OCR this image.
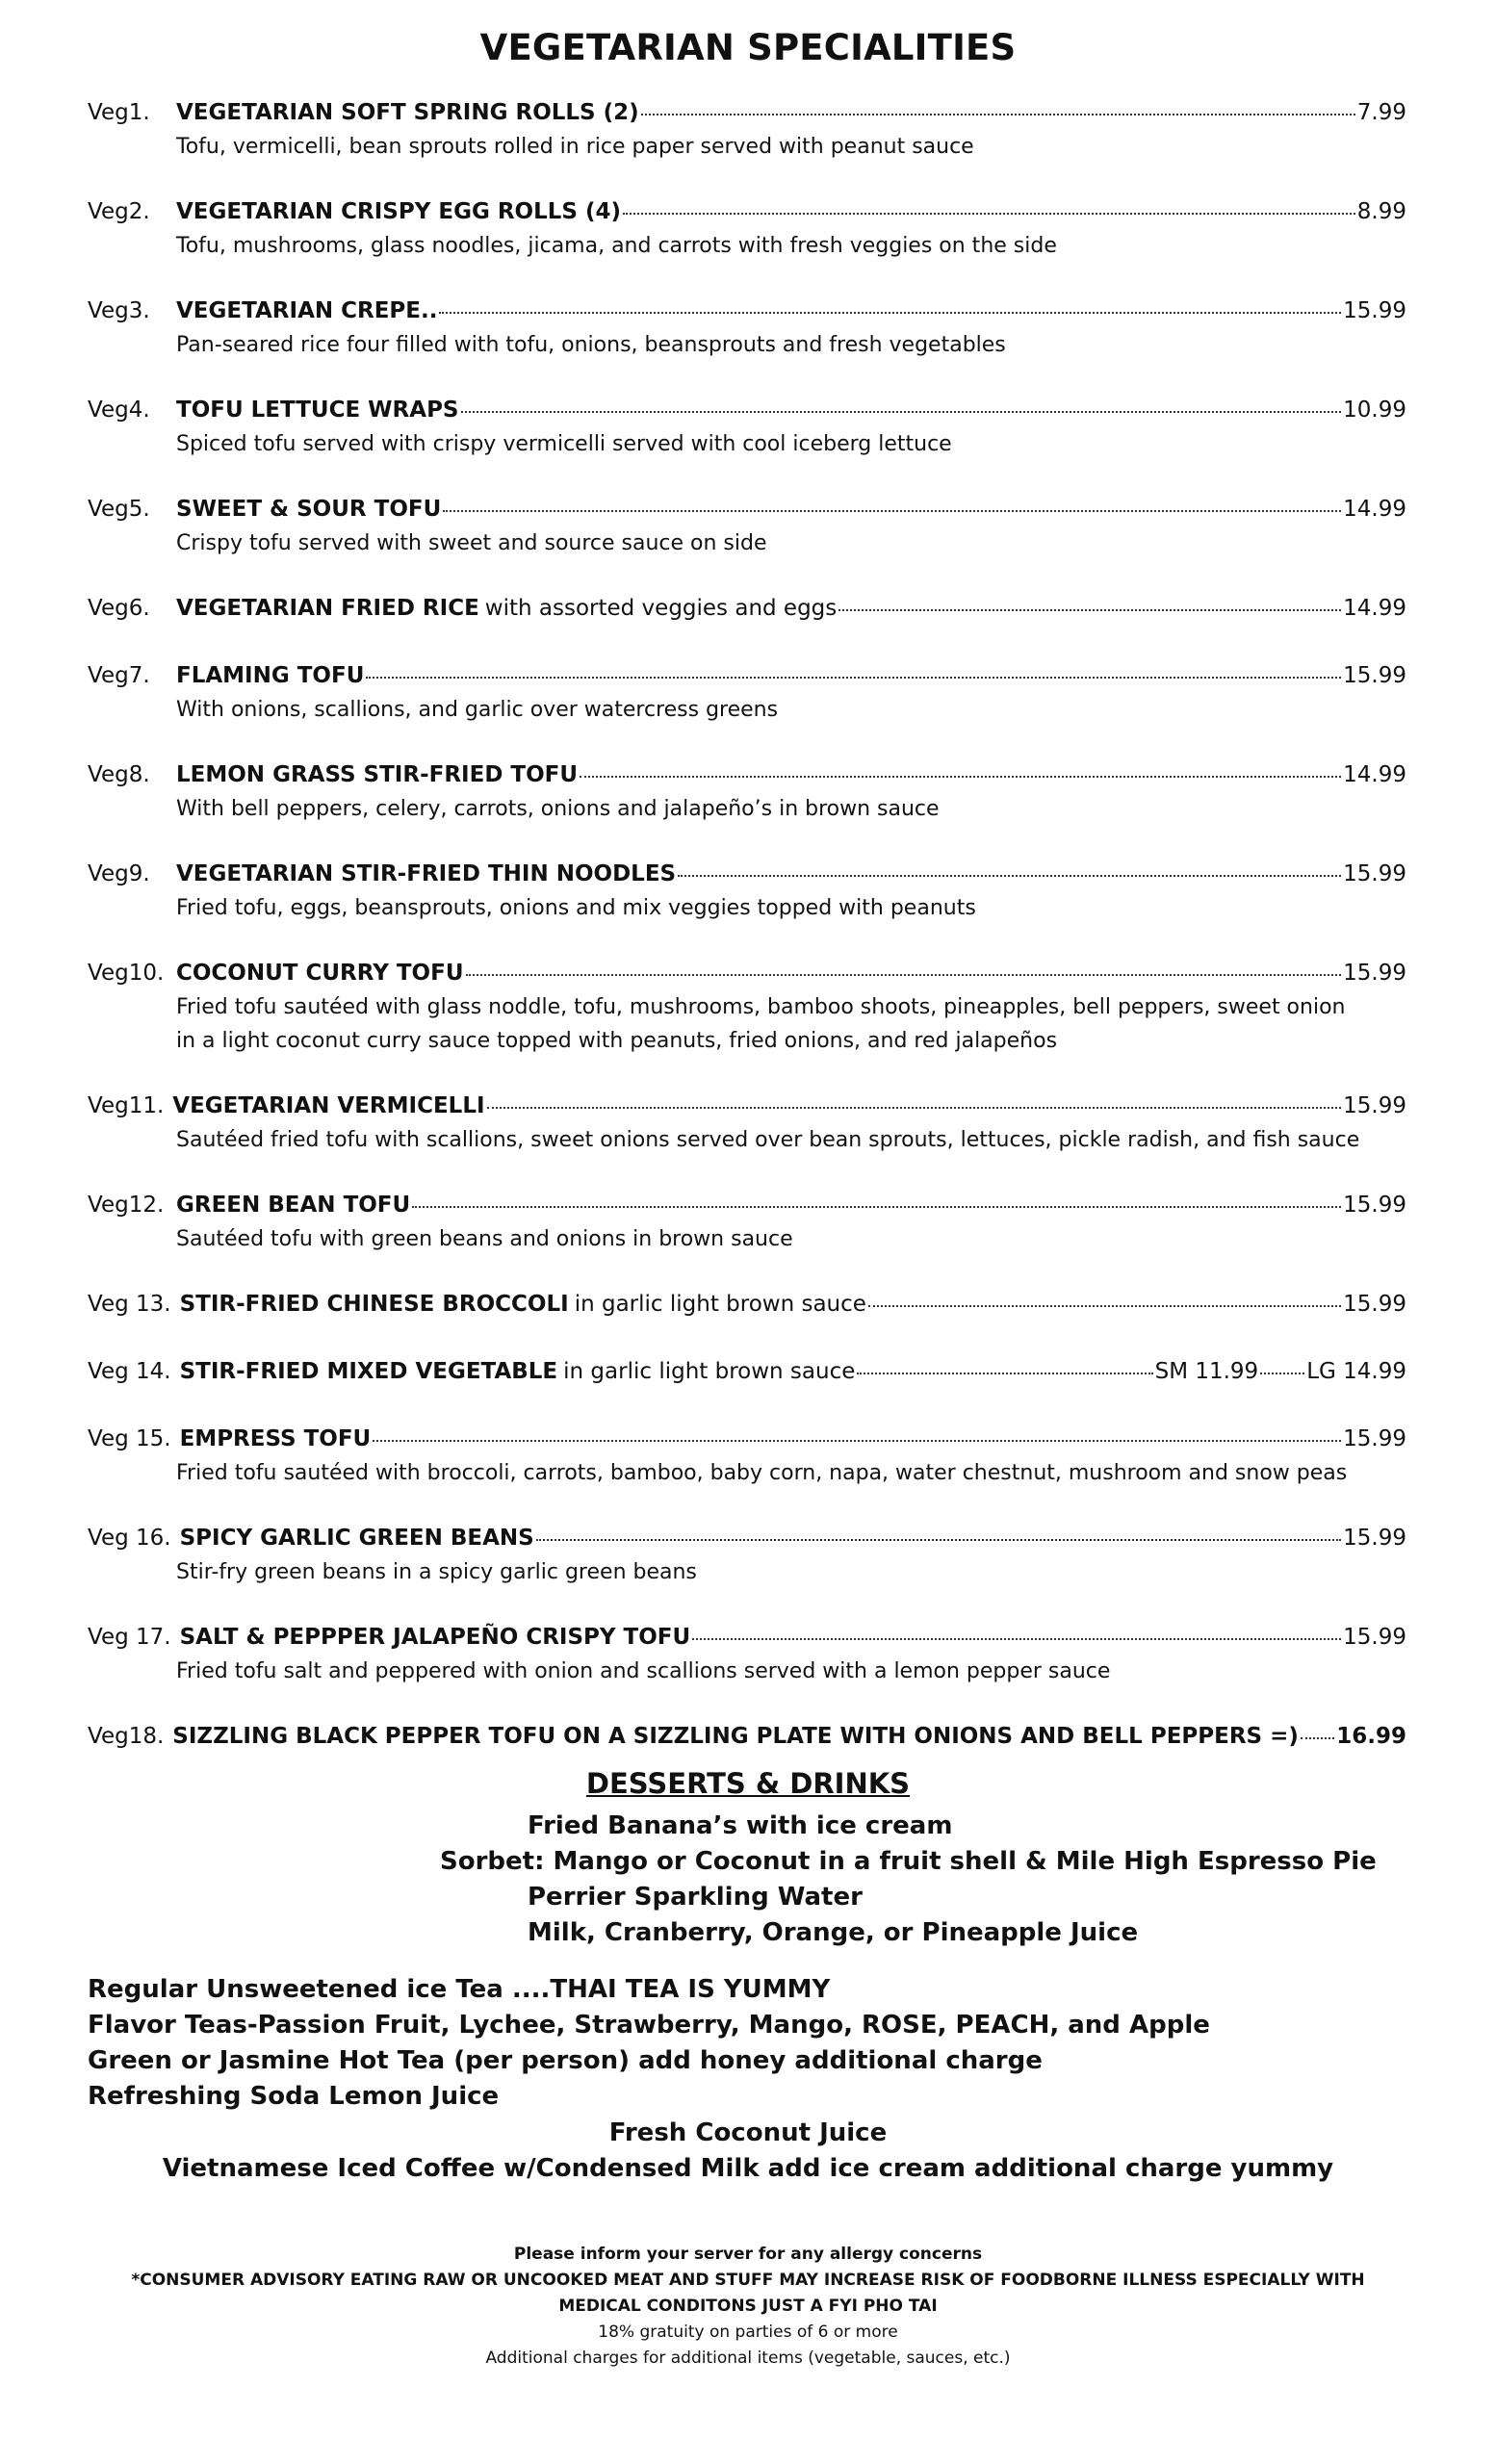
VEGETARIAN SPECIALITIES
Veg1.	VEGETARIAN SOFT SPRING ROLLS (2)	7.99
Tofu, vermicelli, bean sprouts rolled in rice paper served with peanut sauce
Veg2.	VEGETARIAN CRISPY EGG ROLLS (4)	8.99
Tofu, mushrooms, glass noodles, jicama, and carrots with fresh veggies on the side
Veg3.	VEGETARIAN CREPE..	15.99
Pan-seared rice four filled with tofu, onions, beansprouts and fresh vegetables
Veg4.	TOFU LETTUCE WRAPS	10.99
Spiced tofu served with crispy vermicelli served with cool iceberg lettuce
Veg5.	SWEET & SOUR TOFU	14.99
Crispy tofu served with sweet and source sauce on side
Veg6.	VEGETARIAN FRIED RICE with assorted veggies and eggs	14.99
Veg7.	FLAMING TOFU	15.99
With onions, scallions, and garlic over watercress greens
Veg8.	LEMON GRASS STIR-FRIED TOFU	14.99
With bell peppers, celery, carrots, onions and jalapeño’s in brown sauce
Veg9.	VEGETARIAN STIR-FRIED THIN NOODLES	15.99
Fried tofu, eggs, beansprouts, onions and mix veggies topped with peanuts
Veg10. COCONUT CURRY TOFU	15.99
Fried tofu sautéed with glass noddle, tofu, mushrooms, bamboo shoots, pineapples, bell peppers, sweet onion
in a light coconut curry sauce topped with peanuts, fried onions, and red jalapeños
Veg11. VEGETARIAN VERMICELLI	15.99
Sautéed fried tofu with scallions, sweet onions served over bean sprouts, lettuces, pickle radish, and fish sauce
Veg12. GREEN BEAN TOFU	15.99
Sautéed tofu with green beans and onions in brown sauce
Veg 13. STIR-FRIED CHINESE BROCCOLI in garlic light brown sauce	15.99
Veg 14. STIR-FRIED MIXED VEGETABLE in garlic light brown sauce	SM 11.99 LG 14.99
Veg 15. EMPRESS TOFU	15.99
Fried tofu sautéed with broccoli, carrots, bamboo, baby corn, napa, water chestnut, mushroom and snow peas
Veg 16. SPICY GARLIC GREEN BEANS	15.99
Stir-fry green beans in a spicy garlic green beans
Veg 17. SALT & PEPPPER JALAPEÑO CRISPY TOFU	15.99
Fried tofu salt and peppered with onion and scallions served with a lemon pepper sauce
Veg18. SIZZLING BLACK PEPPER TOFU ON A SIZZLING PLATE WITH ONIONS AND BELL PEPPERS =) 16.99
DESSERTS & DRINKS
Fried Banana’s with ice cream
Sorbet: Mango or Coconut in a fruit shell & Mile High Espresso Pie
Perrier Sparkling Water
Milk, Cranberry, Orange, or Pineapple Juice
Regular Unsweetened ice Tea ....THAI TEA IS YUMMY
Flavor Teas-Passion Fruit, Lychee, Strawberry, Mango, ROSE, PEACH, and Apple
Green or Jasmine Hot Tea (per person) add honey additional charge
Refreshing Soda Lemon Juice
Fresh Coconut Juice
Vietnamese Iced Coffee w/Condensed Milk add ice cream additional charge yummy
Please inform your server for any allergy concerns
*CONSUMER ADVISORY EATING RAW OR UNCOOKED MEAT AND STUFF MAY INCREASE RISK OF FOODBORNE ILLNESS ESPECIALLY WITH
MEDICAL CONDITONS JUST A FYI PHO TAI
18% gratuity on parties of 6 or more
Additional charges for additional items (vegetable, sauces, etc.)
